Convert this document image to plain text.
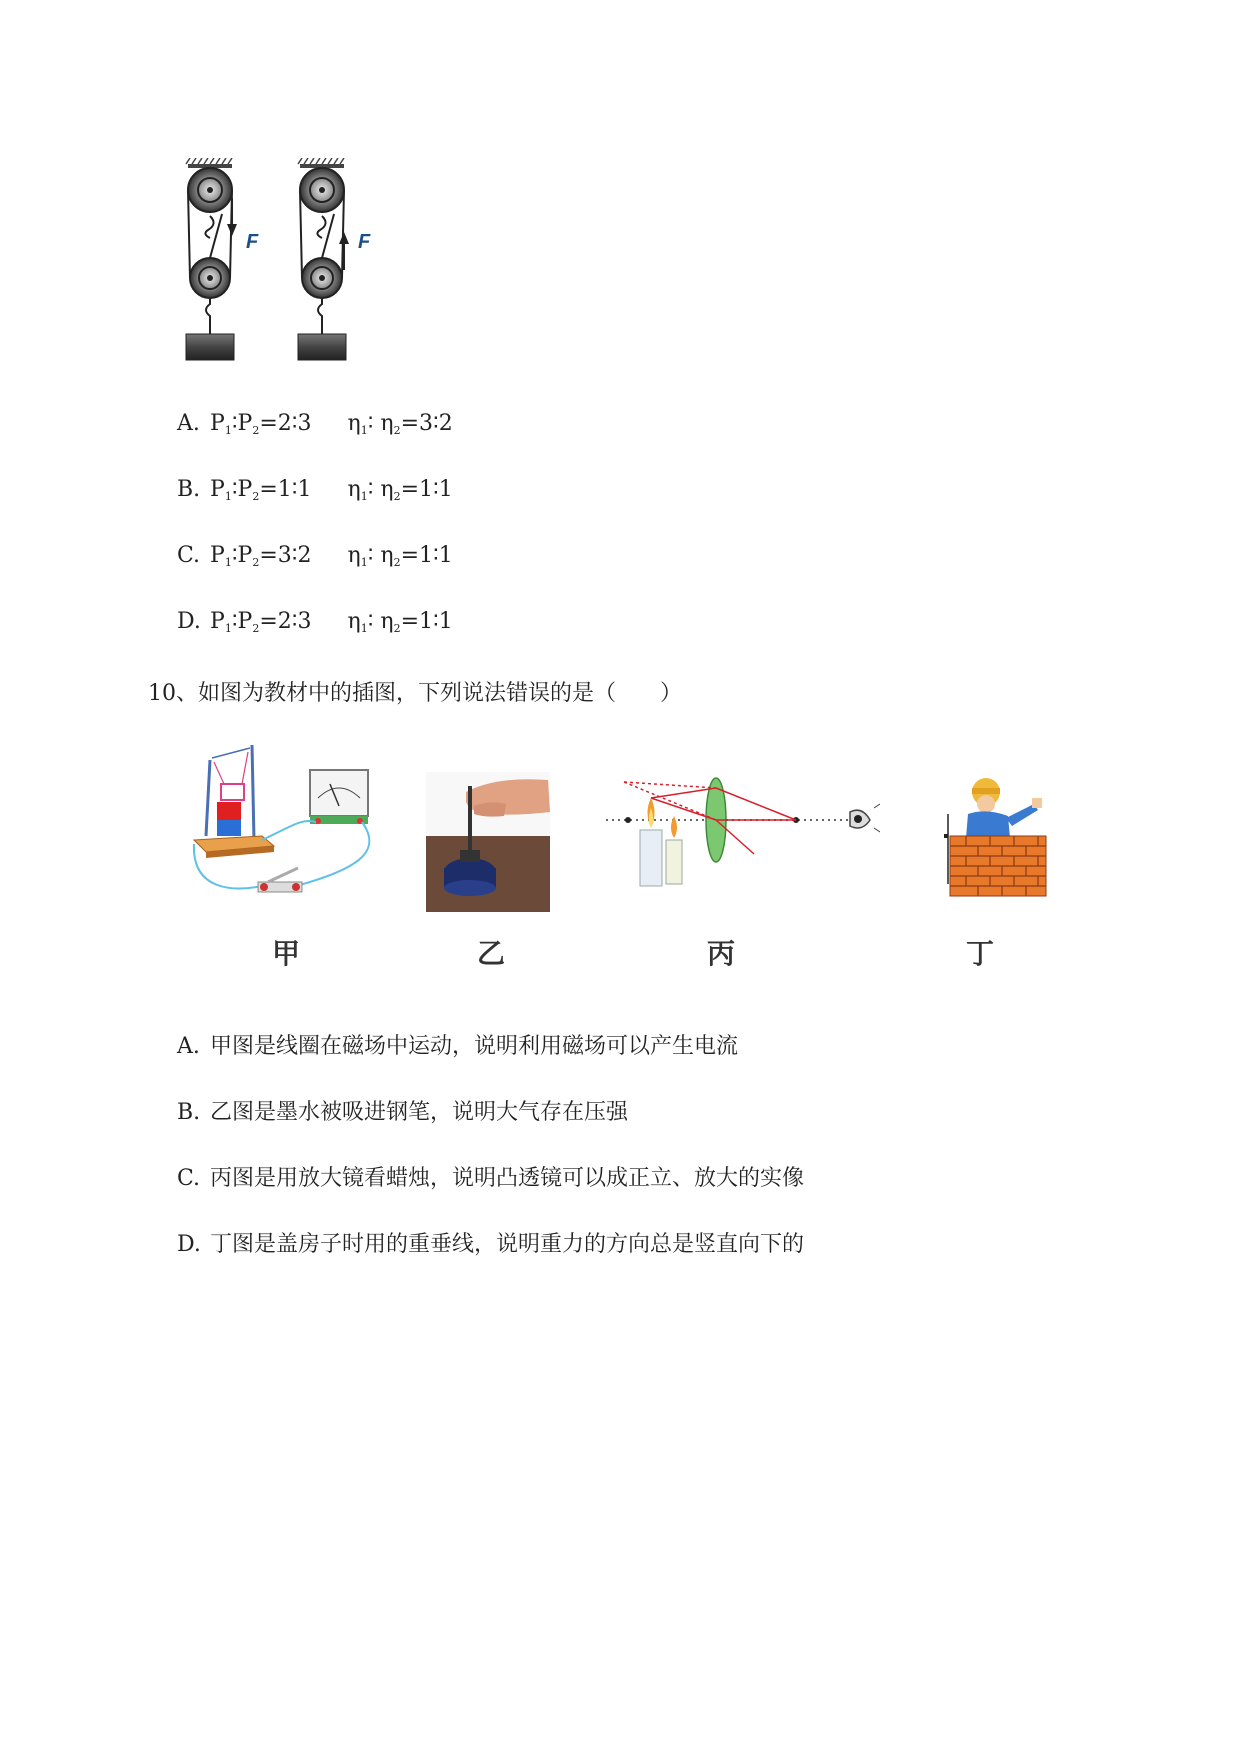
F	F
A. $P_1∶P_2=2∶3$ $\eta_1∶$ $\eta_2=3∶2$
B. $P_1∶P_2=1∶1$ $\eta_1∶$ $\eta_2=1∶1$
C. $P_1∶P_2=3∶2$ $\eta_1∶$ $\eta_2=1∶1$
D. $P_1∶P_2=2∶3$ $\eta_1∶$ $\eta_2=1∶1$
10、如图为教材中的插图，下列说法错误的是（　　）
甲	乙	丙	丁
A. 甲图是线圈在磁场中运动，说明利用磁场可以产生电流
B. 乙图是墨水被吸进钢笔，说明大气存在压强
C. 丙图是用放大镜看蜡烛，说明凸透镜可以成正立、放大的实像
D. 丁图是盖房子时用的重垂线，说明重力的方向总是竖直向下的
